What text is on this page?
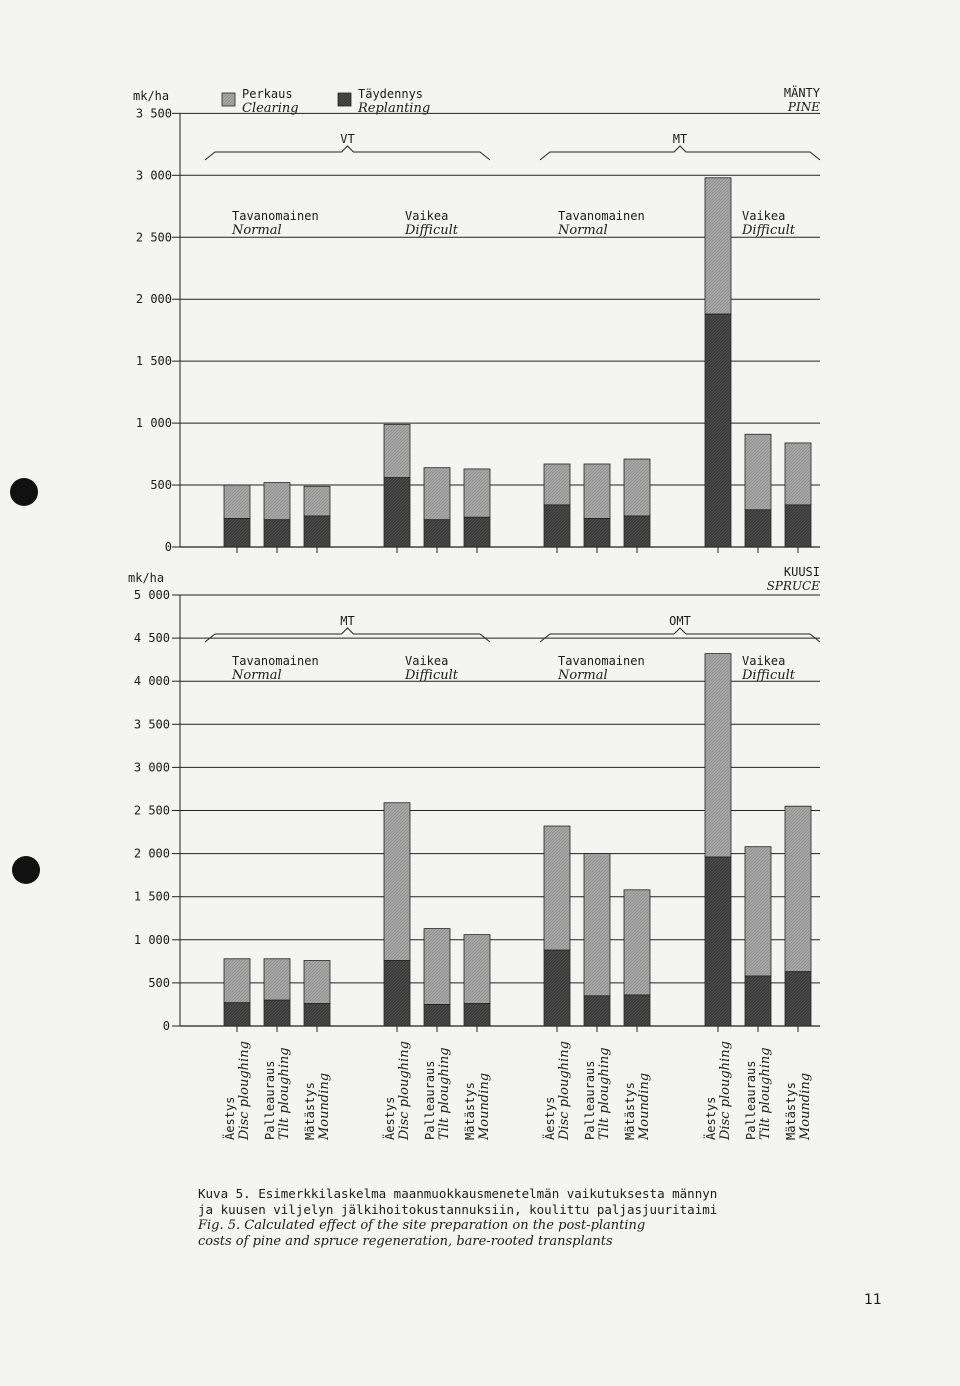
Perkaus
Clearing
Täydennys
Replanting
0
500
1 000
1 500
2 000
2 500
3 000
3 500
mk/ha	MÄNTY
PINE
VT
Tavanomainen
Normal
Vaikea
Difficult
MT
Tavanomainen
Normal
Vaikea
Difficult
0
500
1 000
1 500
2 000
2 500
3 000
3 500
4 000
4 500
5 000
mk/ha	KUUSI
SPRUCE
MT
Tavanomainen
Normal
Vaikea
Difficult
OMT
Tavanomainen
Normal
Vaikea
Difficult
Äestys Disc ploughing Palleauraus Tilt ploughing Mätästys Mounding	Äestys Disc ploughing Palleauraus Tilt ploughing Mätästys Mounding	Äestys Disc ploughing Palleauraus Tilt ploughing Mätästys Mounding	Äestys Disc ploughing Palleauraus Tilt ploughing Mätästys Mounding
Kuva 5. Esimerkkilaskelma maanmuokkausmenetelmän vaikutuksesta männyn
ja kuusen viljelyn jälkihoitokustannuksiin, koulittu paljasjuuritaimi
Fig. 5. Calculated effect of the site preparation on the post-planting
costs of pine and spruce regeneration, bare-rooted transplants
11
